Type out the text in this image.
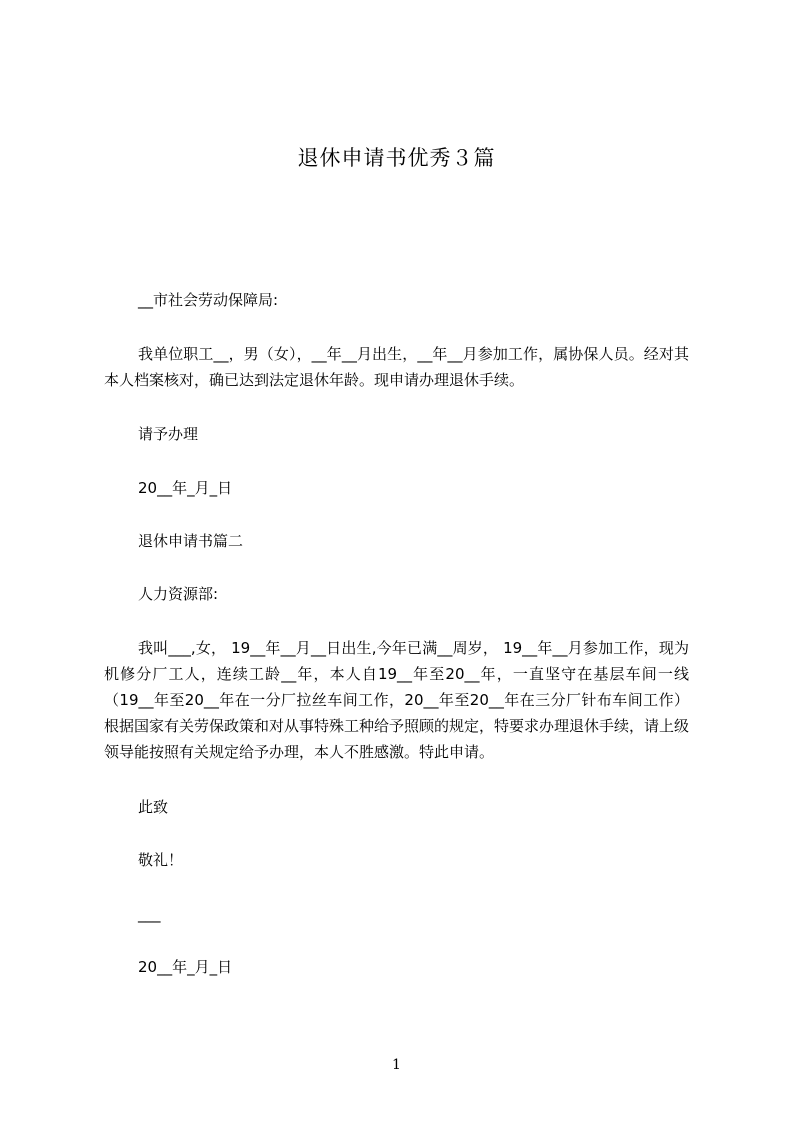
退休申请书优秀３篇
__市社会劳动保障局:
我单位职工__，男（女），__年__月出生，__年__月参加工作，属协保人员。经对其本人档案核对，确已达到法定退休年龄。现申请办理退休手续。
请予办理
20__年_月_日
退休申请书篇二
人力资源部:
我叫___,女， 19__年__月__日出生,今年已满__周岁， 19__年__月参加工作，现为机修分厂工人，连续工龄__年，本人自19__年至20__年，一直坚守在基层车间一线（19__年至20__年在一分厂拉丝车间工作，20__年至20__年在三分厂针布车间工作）根据国家有关劳保政策和对从事特殊工种给予照顾的规定，特要求办理退休手续，请上级领导能按照有关规定给予办理，本人不胜感激。特此申请。
此致
敬礼！
___
20__年_月_日
1
